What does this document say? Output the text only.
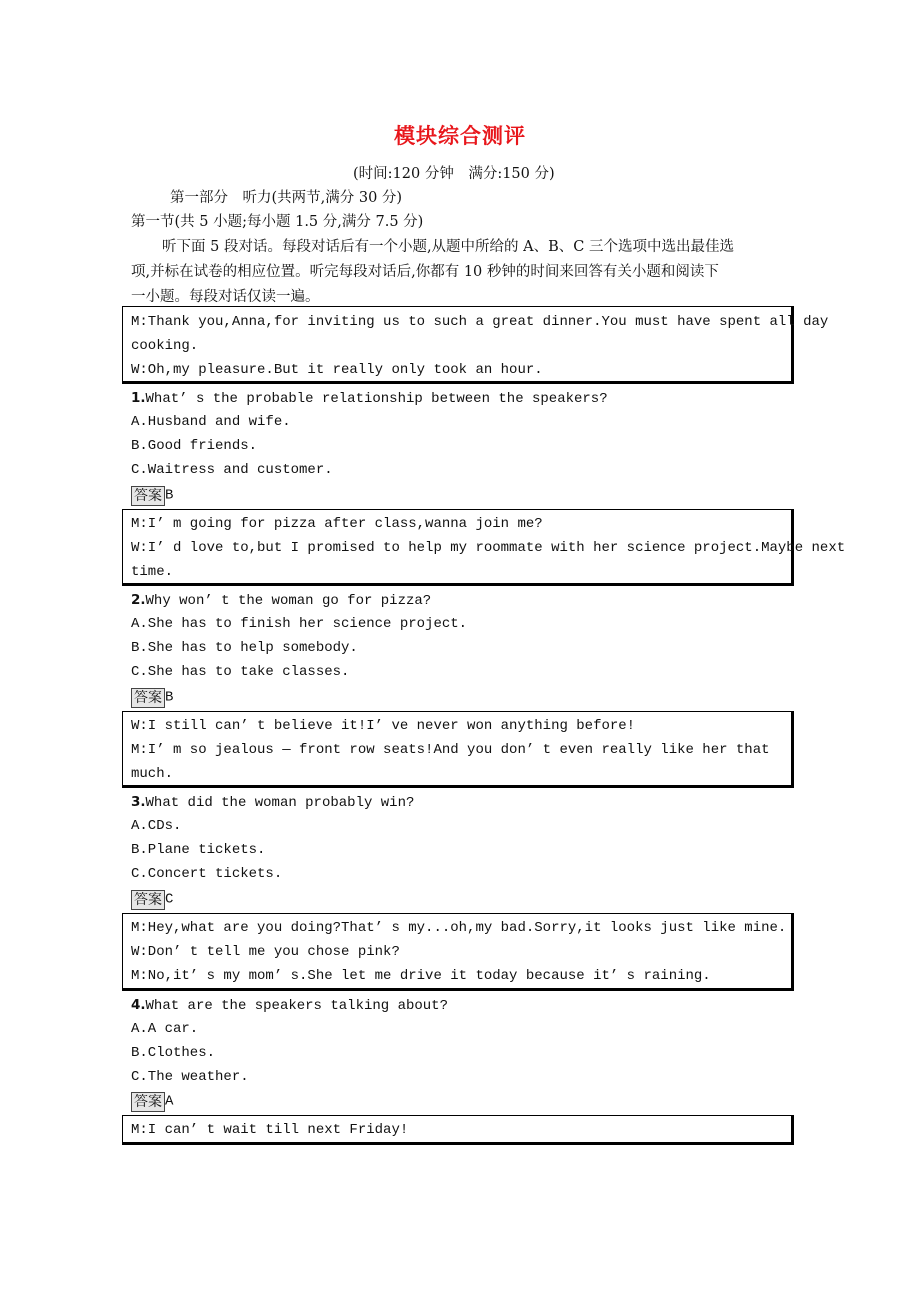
模块综合测评
(时间:120 分钟　满分:150 分)
第一部分　听力(共两节,满分 30 分)
第一节(共 5 小题;每小题 1.5 分,满分 7.5 分)
听下面 5 段对话。每段对话后有一个小题,从题中所给的 A、B、C 三个选项中选出最佳选
项,并标在试卷的相应位置。听完每段对话后,你都有 10 秒钟的时间来回答有关小题和阅读下
一小题。每段对话仅读一遍。
M:Thank you,Anna,for inviting us to such a great dinner.You must have spent all day
cooking.
W:Oh,my pleasure.But it really only took an hour.
1.What’ s the probable relationship between the speakers?
A.Husband and wife.
B.Good friends.
C.Waitress and customer.
答案 B
M:I’ m going for pizza after class,wanna join me?
W:I’ d love to,but I promised to help my roommate with her science project.Maybe next
time.
2.Why won’ t the woman go for pizza?
A.She has to finish her science project.
B.She has to help somebody.
C.She has to take classes.
答案 B
W:I still can’ t believe it!I’ ve never won anything before!
M:I’ m so jealous — front row seats!And you don’ t even really like her that
much.
3.What did the woman probably win?
A.CDs.
B.Plane tickets.
C.Concert tickets.
答案 C
M:Hey,what are you doing?That’ s my...oh,my bad.Sorry,it looks just like mine.
W:Don’ t tell me you chose pink?
M:No,it’ s my mom’ s.She let me drive it today because it’ s raining.
4.What are the speakers talking about?
A.A car.
B.Clothes.
C.The weather.
答案 A
M:I can’ t wait till next Friday!
